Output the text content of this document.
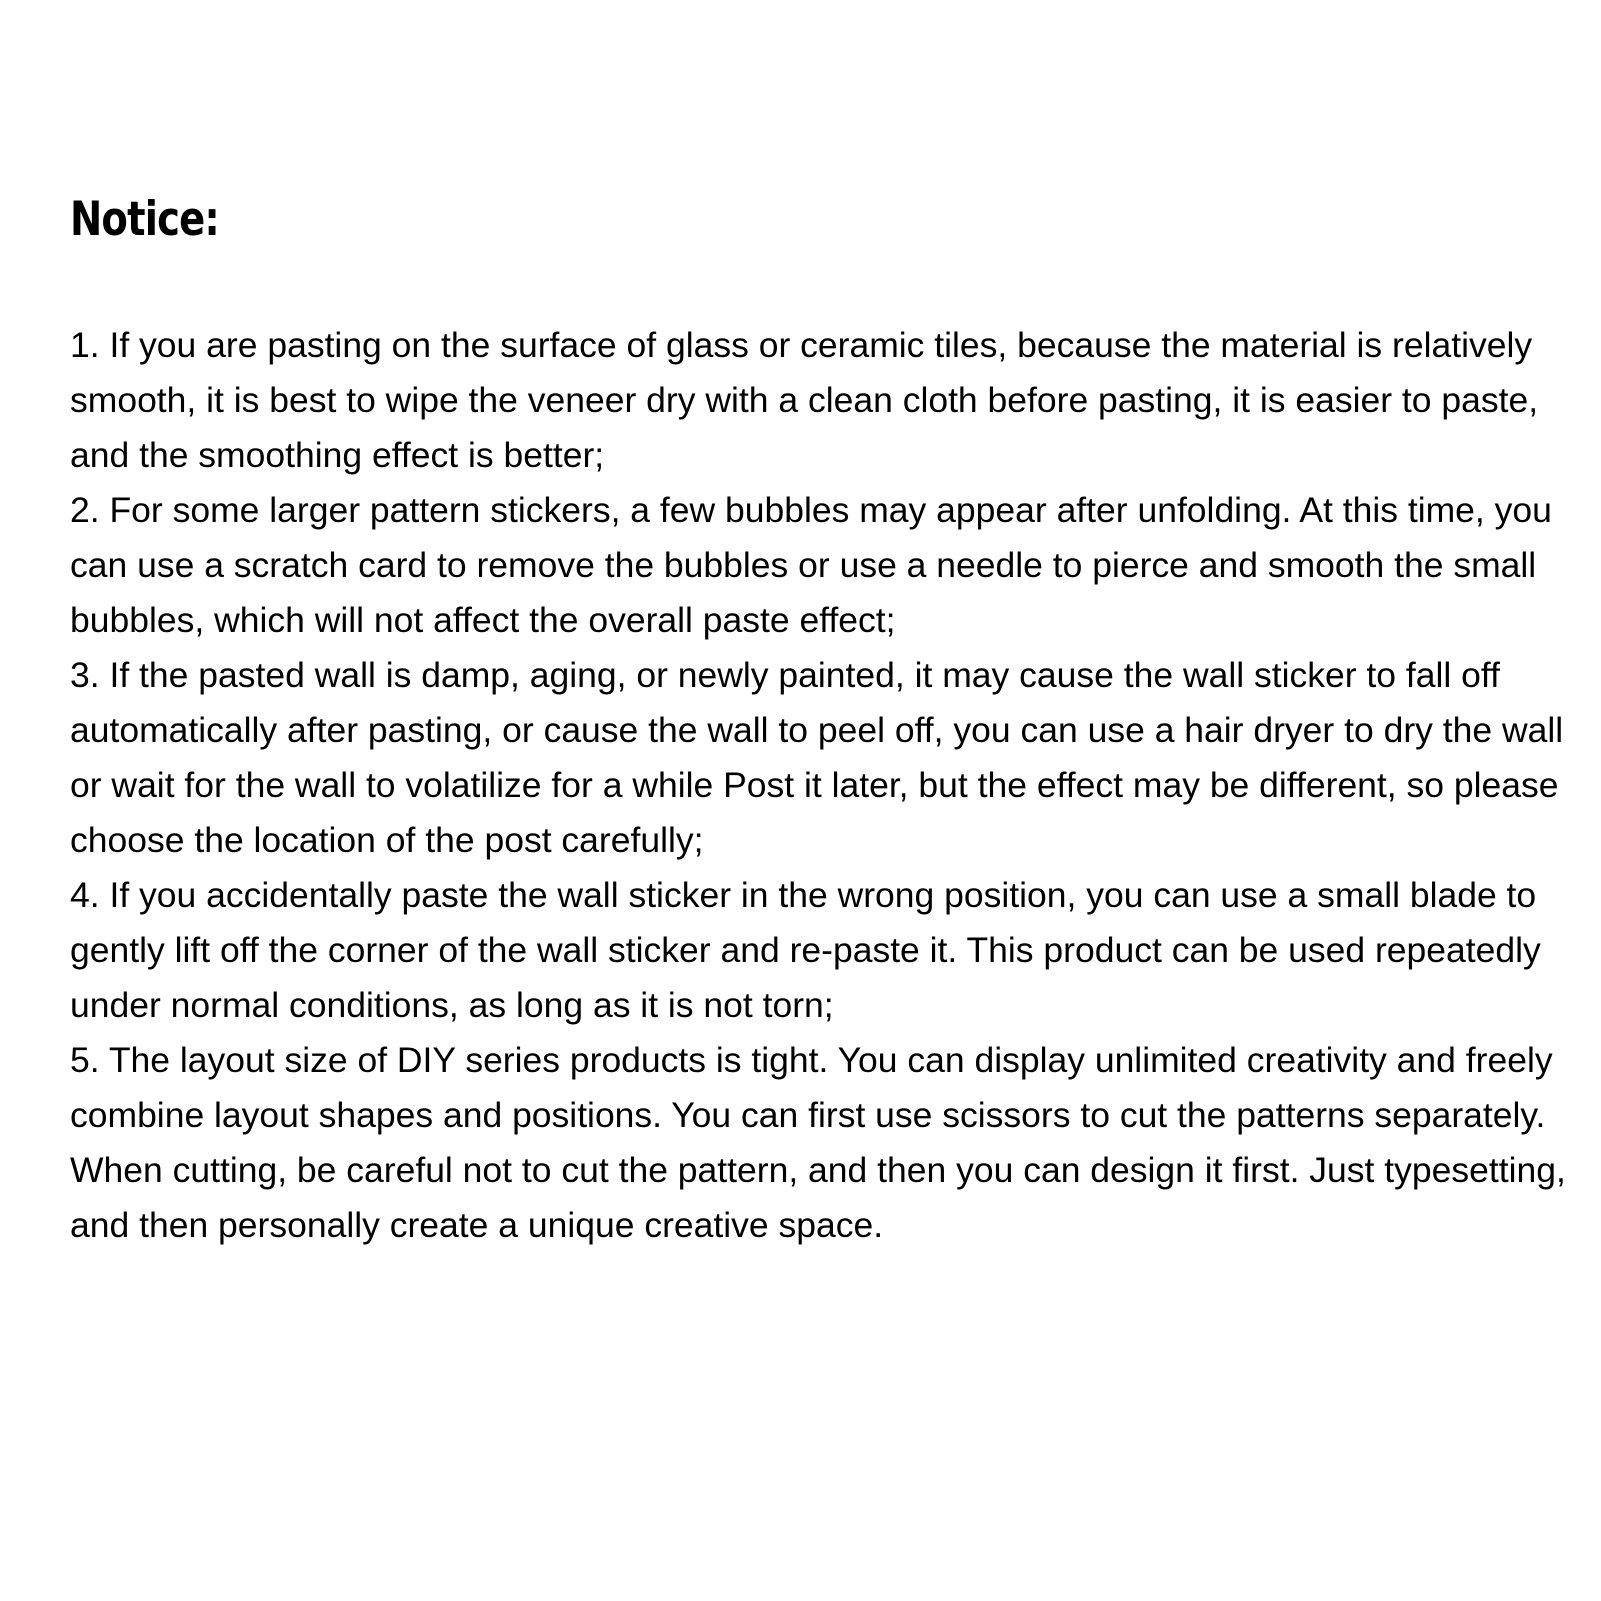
Notice:
1. If you are pasting on the surface of glass or ceramic tiles, because the material is relatively smooth, it is best to wipe the veneer dry with a clean cloth before pasting, it is easier to paste, and the smoothing effect is better;
2. For some larger pattern stickers, a few bubbles may appear after unfolding. At this time, you can use a scratch card to remove the bubbles or use a needle to pierce and smooth the small bubbles, which will not affect the overall paste effect;
3. If the pasted wall is damp, aging, or newly painted, it may cause the wall sticker to fall off automatically after pasting, or cause the wall to peel off, you can use a hair dryer to dry the wall or wait for the wall to volatilize for a while Post it later, but the effect may be different, so please choose the location of the post carefully;
4. If you accidentally paste the wall sticker in the wrong position, you can use a small blade to gently lift off the corner of the wall sticker and re-paste it. This product can be used repeatedly under normal conditions, as long as it is not torn;
5. The layout size of DIY series products is tight. You can display unlimited creativity and freely combine layout shapes and positions. You can first use scissors to cut the patterns separately. When cutting, be careful not to cut the pattern, and then you can design it first. Just typesetting, and then personally create a unique creative space.
